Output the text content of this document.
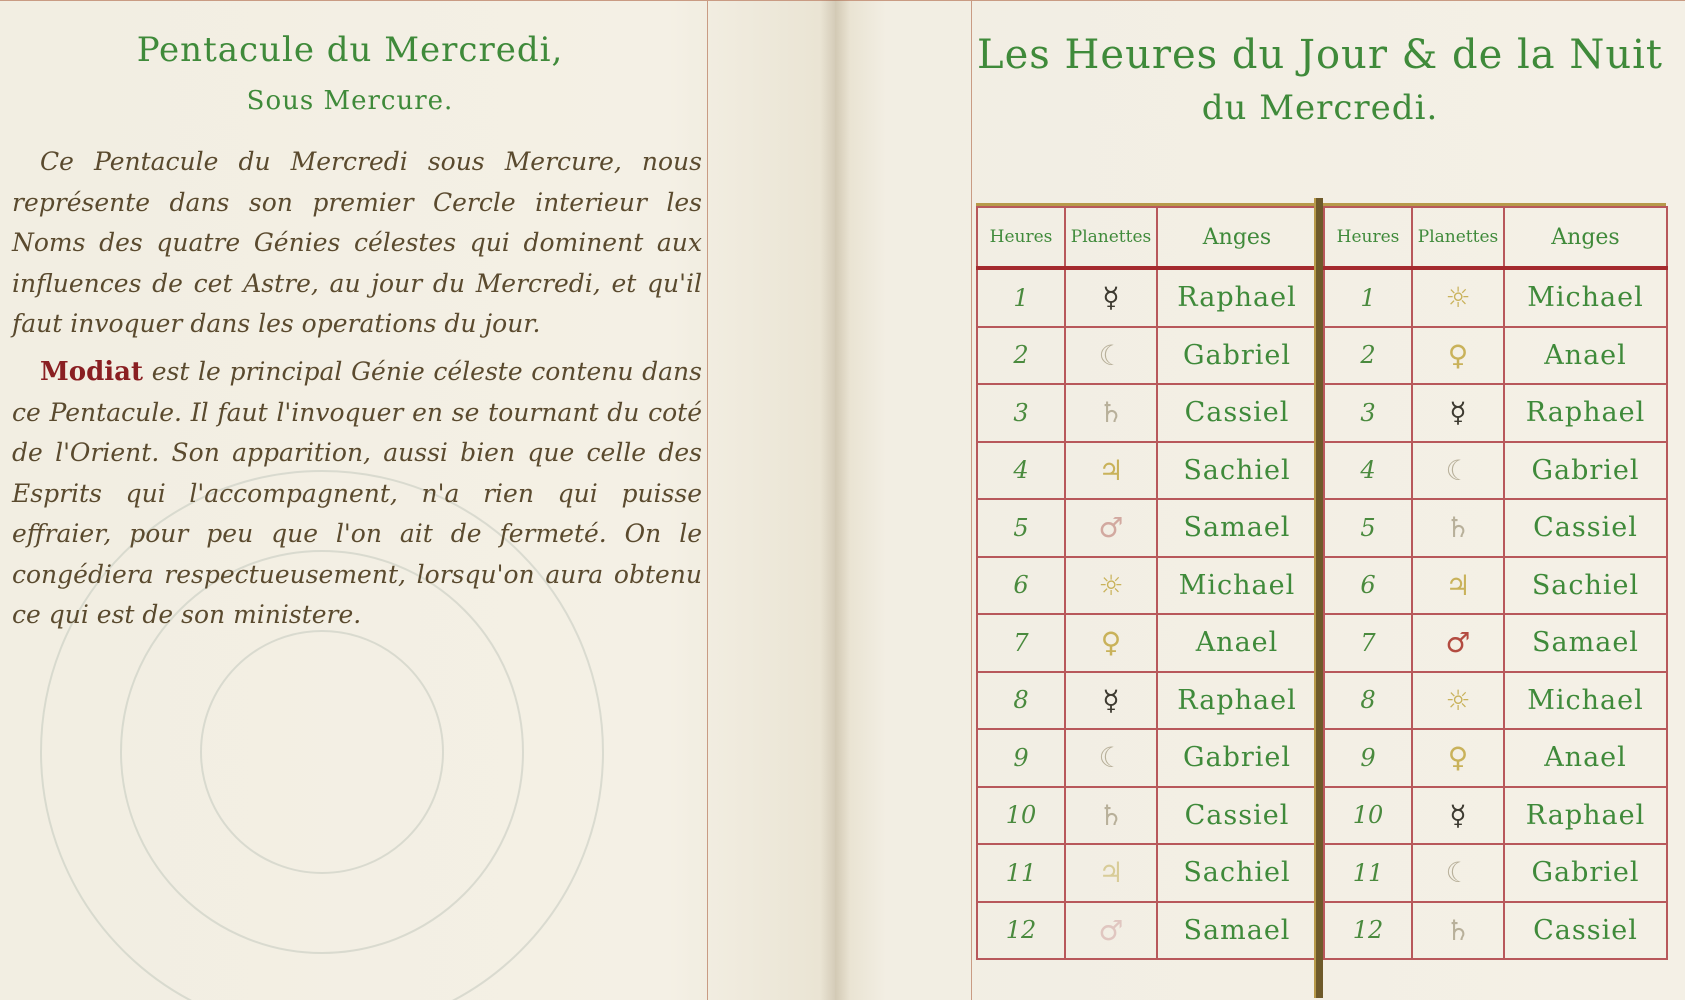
Pentacule du Mercredi,
Sous Mercure.
Ce Pentacule du Mercredi sous Mercure, nous représente dans son premier Cercle interieur les Noms des quatre Génies célestes qui dominent aux influences de cet Astre, au jour du Mercredi, et qu'il faut invoquer dans les operations du jour.
Modiat est le principal Génie céleste contenu dans ce Pentacule. Il faut l'invoquer en se tournant du coté de l'Orient. Son apparition, aussi bien que celle des Esprits qui l'accompagnent, n'a rien qui puisse effraier, pour peu que l'on ait de fermeté. On le congédiera respectueusement, lorsqu'on aura obtenu ce qui est de son ministere.
Les Heures du Jour & de la Nuit
du Mercredi.
Heures	Planettes	Anges
1	☿	Raphael
2	☾	Gabriel
3	♄	Cassiel
4	♃	Sachiel
5	♂	Samael
6	☼	Michael
7	♀	Anael
8	☿	Raphael
9	☾	Gabriel
10	♄	Cassiel
11	♃	Sachiel
12	♂	Samael
Heures	Planettes	Anges
1	☼	Michael
2	♀	Anael
3	☿	Raphael
4	☾	Gabriel
5	♄	Cassiel
6	♃	Sachiel
7	♂	Samael
8	☼	Michael
9	♀	Anael
10	☿	Raphael
11	☾	Gabriel
12	♄	Cassiel
